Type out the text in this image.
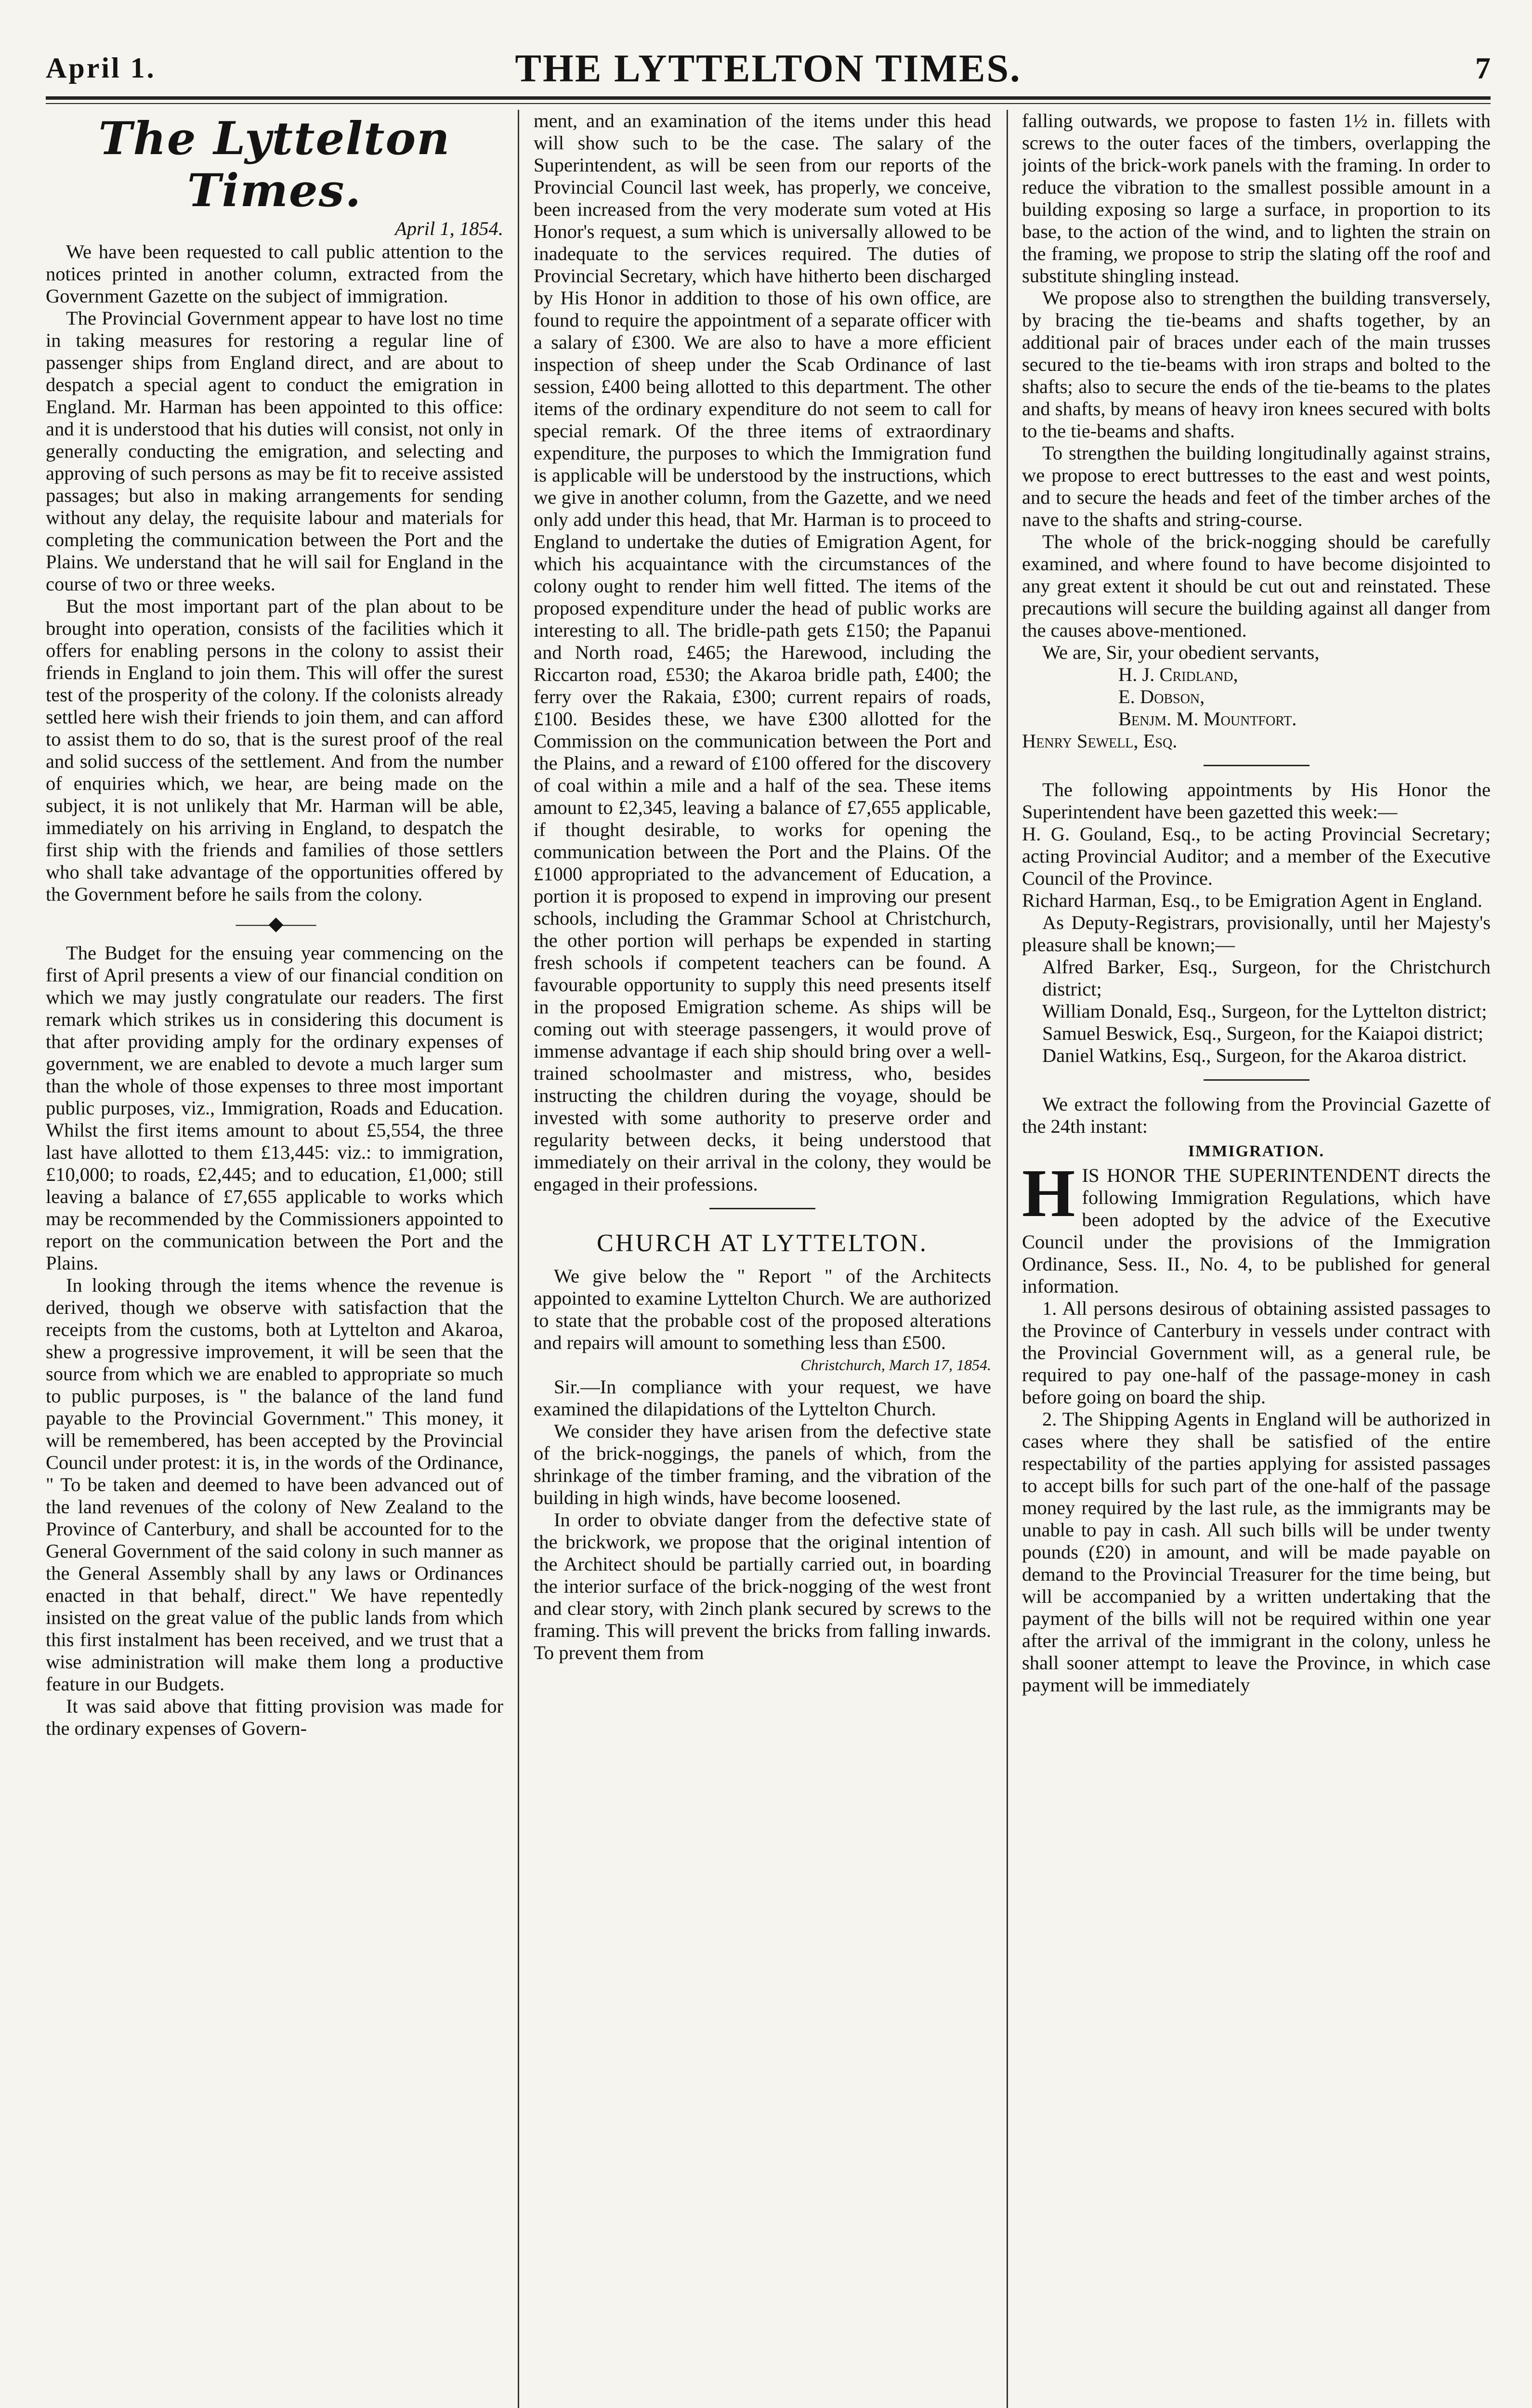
April 1.	THE LYTTELTON TIMES.	7
The Lyttelton Times.
April 1, 1854.

We have been requested to call public attention to the notices printed in another column, extracted from the Government Gazette on the subject of immigration.

The Provincial Government appear to have lost no time in taking measures for restoring a regular line of passenger ships from England direct, and are about to despatch a special agent to conduct the emigration in England. Mr. Harman has been appointed to this office: and it is understood that his duties will consist, not only in generally conducting the emigration, and selecting and approving of such persons as may be fit to receive assisted passages; but also in making arrangements for sending without any delay, the requisite labour and materials for completing the communication between the Port and the Plains. We understand that he will sail for England in the course of two or three weeks.

But the most important part of the plan about to be brought into operation, consists of the facilities which it offers for enabling persons in the colony to assist their friends in England to join them. This will offer the surest test of the prosperity of the colony. If the colonists already settled here wish their friends to join them, and can afford to assist them to do so, that is the surest proof of the real and solid success of the settlement. And from the number of enquiries which, we hear, are being made on the subject, it is not unlikely that Mr. Harman will be able, immediately on his arriving in England, to despatch the first ship with the friends and families of those settlers who shall take advantage of the opportunities offered by the Government before he sails from the colony.

——◆——

The Budget for the ensuing year commencing on the first of April presents a view of our financial condition on which we may justly congratulate our readers. The first remark which strikes us in considering this document is that after providing amply for the ordinary expenses of government, we are enabled to devote a much larger sum than the whole of those expenses to three most important public purposes, viz., Immigration, Roads and Education. Whilst the first items amount to about £5,554, the three last have allotted to them £13,445: viz.: to immigration, £10,000; to roads, £2,445; and to education, £1,000; still leaving a balance of £7,655 applicable to works which may be recommended by the Commissioners appointed to report on the communication between the Port and the Plains.

In looking through the items whence the revenue is derived, though we observe with satisfaction that the receipts from the customs, both at Lyttelton and Akaroa, shew a progressive improvement, it will be seen that the source from which we are enabled to appropriate so much to public purposes, is " the balance of the land fund payable to the Provincial Government." This money, it will be remembered, has been accepted by the Provincial Council under protest: it is, in the words of the Ordinance, " To be taken and deemed to have been advanced out of the land revenues of the colony of New Zealand to the Province of Canterbury, and shall be accounted for to the General Government of the said colony in such manner as the General Assembly shall by any laws or Ordinances enacted in that behalf, direct." We have repentedly insisted on the great value of the public lands from which this first instalment has been received, and we trust that a wise administration will make them long a productive feature in our Budgets.

It was said above that fitting provision was made for the ordinary expenses of Govern-

ment, and an examination of the items under this head will show such to be the case. The salary of the Superintendent, as will be seen from our reports of the Provincial Council last week, has properly, we conceive, been increased from the very moderate sum voted at His Honor's request, a sum which is universally allowed to be inadequate to the services required. The duties of Provincial Secretary, which have hitherto been discharged by His Honor in addition to those of his own office, are found to require the appointment of a separate officer with a salary of £300. We are also to have a more efficient inspection of sheep under the Scab Ordinance of last session, £400 being allotted to this department. The other items of the ordinary expenditure do not seem to call for special remark. Of the three items of extraordinary expenditure, the purposes to which the Immigration fund is applicable will be understood by the instructions, which we give in another column, from the Gazette, and we need only add under this head, that Mr. Harman is to proceed to England to undertake the duties of Emigration Agent, for which his acquaintance with the circumstances of the colony ought to render him well fitted. The items of the proposed expenditure under the head of public works are interesting to all. The bridle-path gets £150; the Papanui and North road, £465; the Harewood, including the Riccarton road, £530; the Akaroa bridle path, £400; the ferry over the Rakaia, £300; current repairs of roads, £100. Besides these, we have £300 allotted for the Commission on the communication between the Port and the Plains, and a reward of £100 offered for the discovery of coal within a mile and a half of the sea. These items amount to £2,345, leaving a balance of £7,655 applicable, if thought desirable, to works for opening the communication between the Port and the Plains. Of the £1000 appropriated to the advancement of Education, a portion it is proposed to expend in improving our present schools, including the Grammar School at Christchurch, the other portion will perhaps be expended in starting fresh schools if competent teachers can be found. A favourable opportunity to supply this need presents itself in the proposed Emigration scheme. As ships will be coming out with steerage passengers, it would prove of immense advantage if each ship should bring over a well-trained schoolmaster and mistress, who, besides instructing the children during the voyage, should be invested with some authority to preserve order and regularity between decks, it being understood that immediately on their arrival in the colony, they would be engaged in their professions.

CHURCH AT LYTTELTON.

We give below the " Report " of the Architects appointed to examine Lyttelton Church. We are authorized to state that the probable cost of the proposed alterations and repairs will amount to something less than £500.

Christchurch, March 17, 1854.

Sir.—In compliance with your request, we have examined the dilapidations of the Lyttelton Church.

We consider they have arisen from the defective state of the brick-noggings, the panels of which, from the shrinkage of the timber framing, and the vibration of the building in high winds, have become loosened.

In order to obviate danger from the defective state of the brickwork, we propose that the original intention of the Architect should be partially carried out, in boarding the interior surface of the brick-nogging of the west front and clear story, with 2inch plank secured by screws to the framing. This will prevent the bricks from falling inwards. To prevent them from

falling outwards, we propose to fasten 1½ in. fillets with screws to the outer faces of the timbers, overlapping the joints of the brick-work panels with the framing. In order to reduce the vibration to the smallest possible amount in a building exposing so large a surface, in proportion to its base, to the action of the wind, and to lighten the strain on the framing, we propose to strip the slating off the roof and substitute shingling instead.

We propose also to strengthen the building transversely, by bracing the tie-beams and shafts together, by an additional pair of braces under each of the main trusses secured to the tie-beams with iron straps and bolted to the shafts; also to secure the ends of the tie-beams to the plates and shafts, by means of heavy iron knees secured with bolts to the tie-beams and shafts.

To strengthen the building longitudinally against strains, we propose to erect buttresses to the east and west points, and to secure the heads and feet of the timber arches of the nave to the shafts and string-course.

The whole of the brick-nogging should be carefully examined, and where found to have become disjointed to any great extent it should be cut out and reinstated. These precautions will secure the building against all danger from the causes above-mentioned.

We are, Sir, your obedient servants,

H. J. Cridland,

E. Dobson,

Benjm. M. Mountfort.

Henry Sewell, Esq.

The following appointments by His Honor the Superintendent have been gazetted this week:—

H. G. Gouland, Esq., to be acting Provincial Secretary; acting Provincial Auditor; and a member of the Executive Council of the Province.

Richard Harman, Esq., to be Emigration Agent in England.

As Deputy-Registrars, provisionally, until her Majesty's pleasure shall be known;—

Alfred Barker, Esq., Surgeon, for the Christchurch district;

William Donald, Esq., Surgeon, for the Lyttelton district;

Samuel Beswick, Esq., Surgeon, for the Kaiapoi district;

Daniel Watkins, Esq., Surgeon, for the Akaroa district.

We extract the following from the Provincial Gazette of the 24th instant:

IMMIGRATION.

HIS HONOR THE SUPERINTENDENT directs the following Immigration Regulations, which have been adopted by the advice of the Executive Council under the provisions of the Immigration Ordinance, Sess. II., No. 4, to be published for general information.

1. All persons desirous of obtaining assisted passages to the Province of Canterbury in vessels under contract with the Provincial Government will, as a general rule, be required to pay one-half of the passage-money in cash before going on board the ship.

2. The Shipping Agents in England will be authorized in cases where they shall be satisfied of the entire respectability of the parties applying for assisted passages to accept bills for such part of the one-half of the passage money required by the last rule, as the immigrants may be unable to pay in cash. All such bills will be under twenty pounds (£20) in amount, and will be made payable on demand to the Provincial Treasurer for the time being, but will be accompanied by a written undertaking that the payment of the bills will not be required within one year after the arrival of the immigrant in the colony, unless he shall sooner attempt to leave the Province, in which case payment will be immediately
